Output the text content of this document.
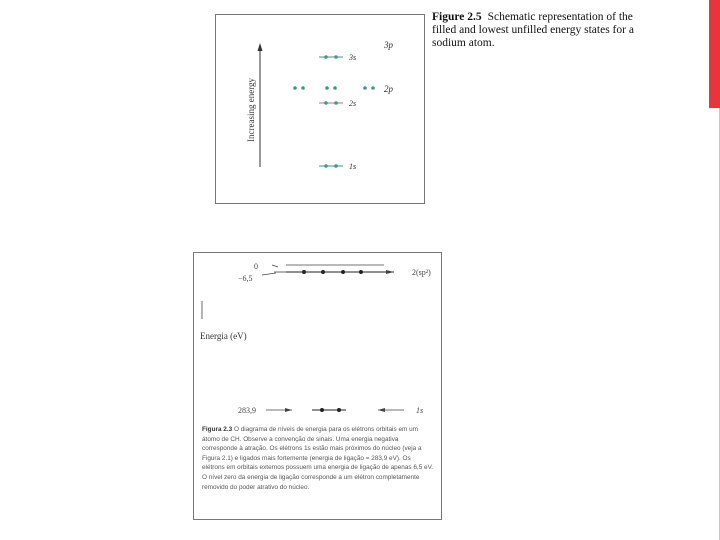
Increasing energy
3s
3p
2p
2s
1s
Figure 2.5 Schematic representation of the filled and lowest unfilled energy states for a sodium atom.
0
−6,5
2(sp²)
Energia (eV)
283,9	1s
Figura 2.3 O diagrama de níveis de energia para os elétrons orbitais em um átomo de CH. Observe a convenção de sinais. Uma energia negativa corresponde à atração. Os elétrons 1s estão mais próximos do núcleo (veja a Figura 2.1) e ligados mais fortemente (energia de ligação = 283,9 eV). Os elétrons em orbitais externos possuem uma energia de ligação de apenas 6,5 eV. O nível zero da energia de ligação corresponde a um elétron completamente removido do poder atrativo do núcleo.
